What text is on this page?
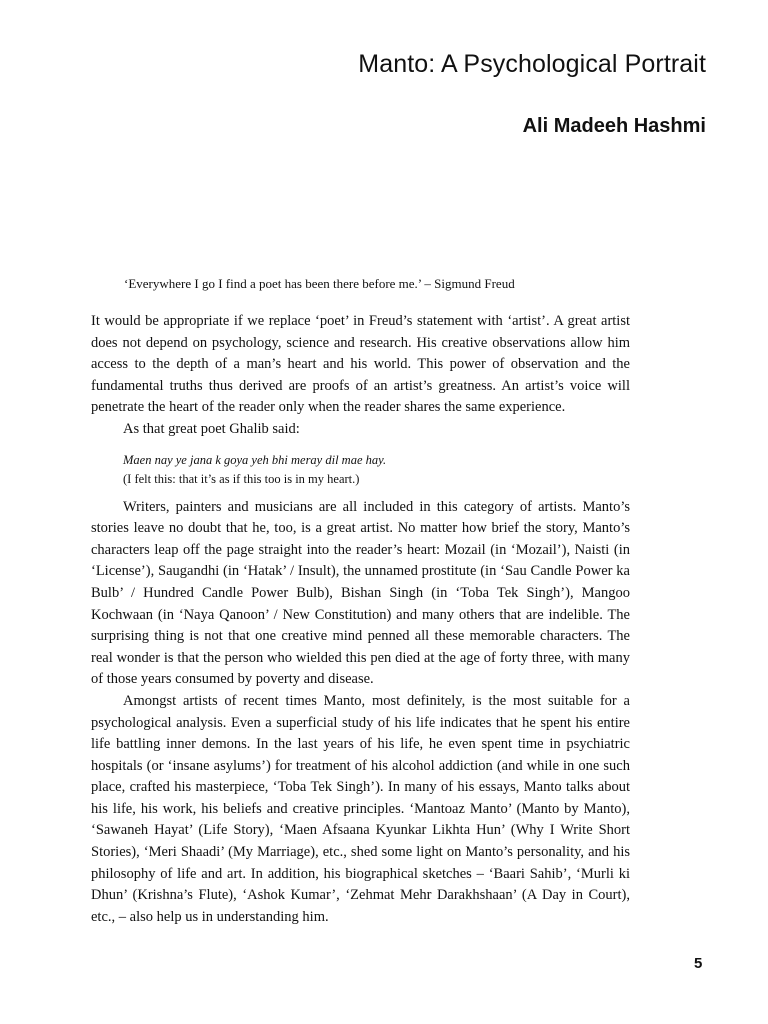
Manto: A Psychological Portrait
Ali Madeeh Hashmi
‘Everywhere I go I find a poet has been there before me.’ – Sigmund Freud

It would be appropriate if we replace ‘poet’ in Freud’s statement with ‘artist’. A great artist does not depend on psychology, science and research. His creative observations allow him access to the depth of a man’s heart and his world. This power of observation and the fundamental truths thus derived are proofs of an artist’s greatness. An artist’s voice will penetrate the heart of the reader only when the reader shares the same experience.

As that great poet Ghalib said:

Maen nay ye jana k goya yeh bhi meray dil mae hay.
(I felt this: that it’s as if this too is in my heart.)

Writers, painters and musicians are all included in this category of artists. Manto’s stories leave no doubt that he, too, is a great artist. No matter how brief the story, Manto’s characters leap off the page straight into the reader’s heart: Mozail (in ‘Mozail’), Naisti (in ‘License’), Saugandhi (in ‘Hatak’ / Insult), the unnamed prostitute (in ‘Sau Candle Power ka Bulb’ / Hundred Candle Power Bulb), Bishan Singh (in ‘Toba Tek Singh’), Mangoo Kochwaan (in ‘Naya Qanoon’ / New Constitution) and many others that are indelible. The surprising thing is not that one creative mind penned all these memorable characters. The real wonder is that the person who wielded this pen died at the age of forty three, with many of those years consumed by poverty and disease.

Amongst artists of recent times Manto, most definitely, is the most suitable for a psychological analysis. Even a superficial study of his life indicates that he spent his entire life battling inner demons. In the last years of his life, he even spent time in psychiatric hospitals (or ‘insane asylums’) for treatment of his alcohol addiction (and while in one such place, crafted his masterpiece, ‘Toba Tek Singh’). In many of his essays, Manto talks about his life, his work, his beliefs and creative principles. ‘Mantoaz Manto’ (Manto by Manto), ‘Sawaneh Hayat’ (Life Story), ‘Maen Afsaana Kyunkar Likhta Hun’ (Why I Write Short Stories), ‘Meri Shaadi’ (My Marriage), etc., shed some light on Manto’s personality, and his philosophy of life and art. In addition, his biographical sketches – ‘Baari Sahib’, ‘Murli ki Dhun’ (Krishna’s Flute), ‘Ashok Kumar’, ‘Zehmat Mehr Darakhshaan’ (A Day in Court), etc., – also help us in understanding him.

5
